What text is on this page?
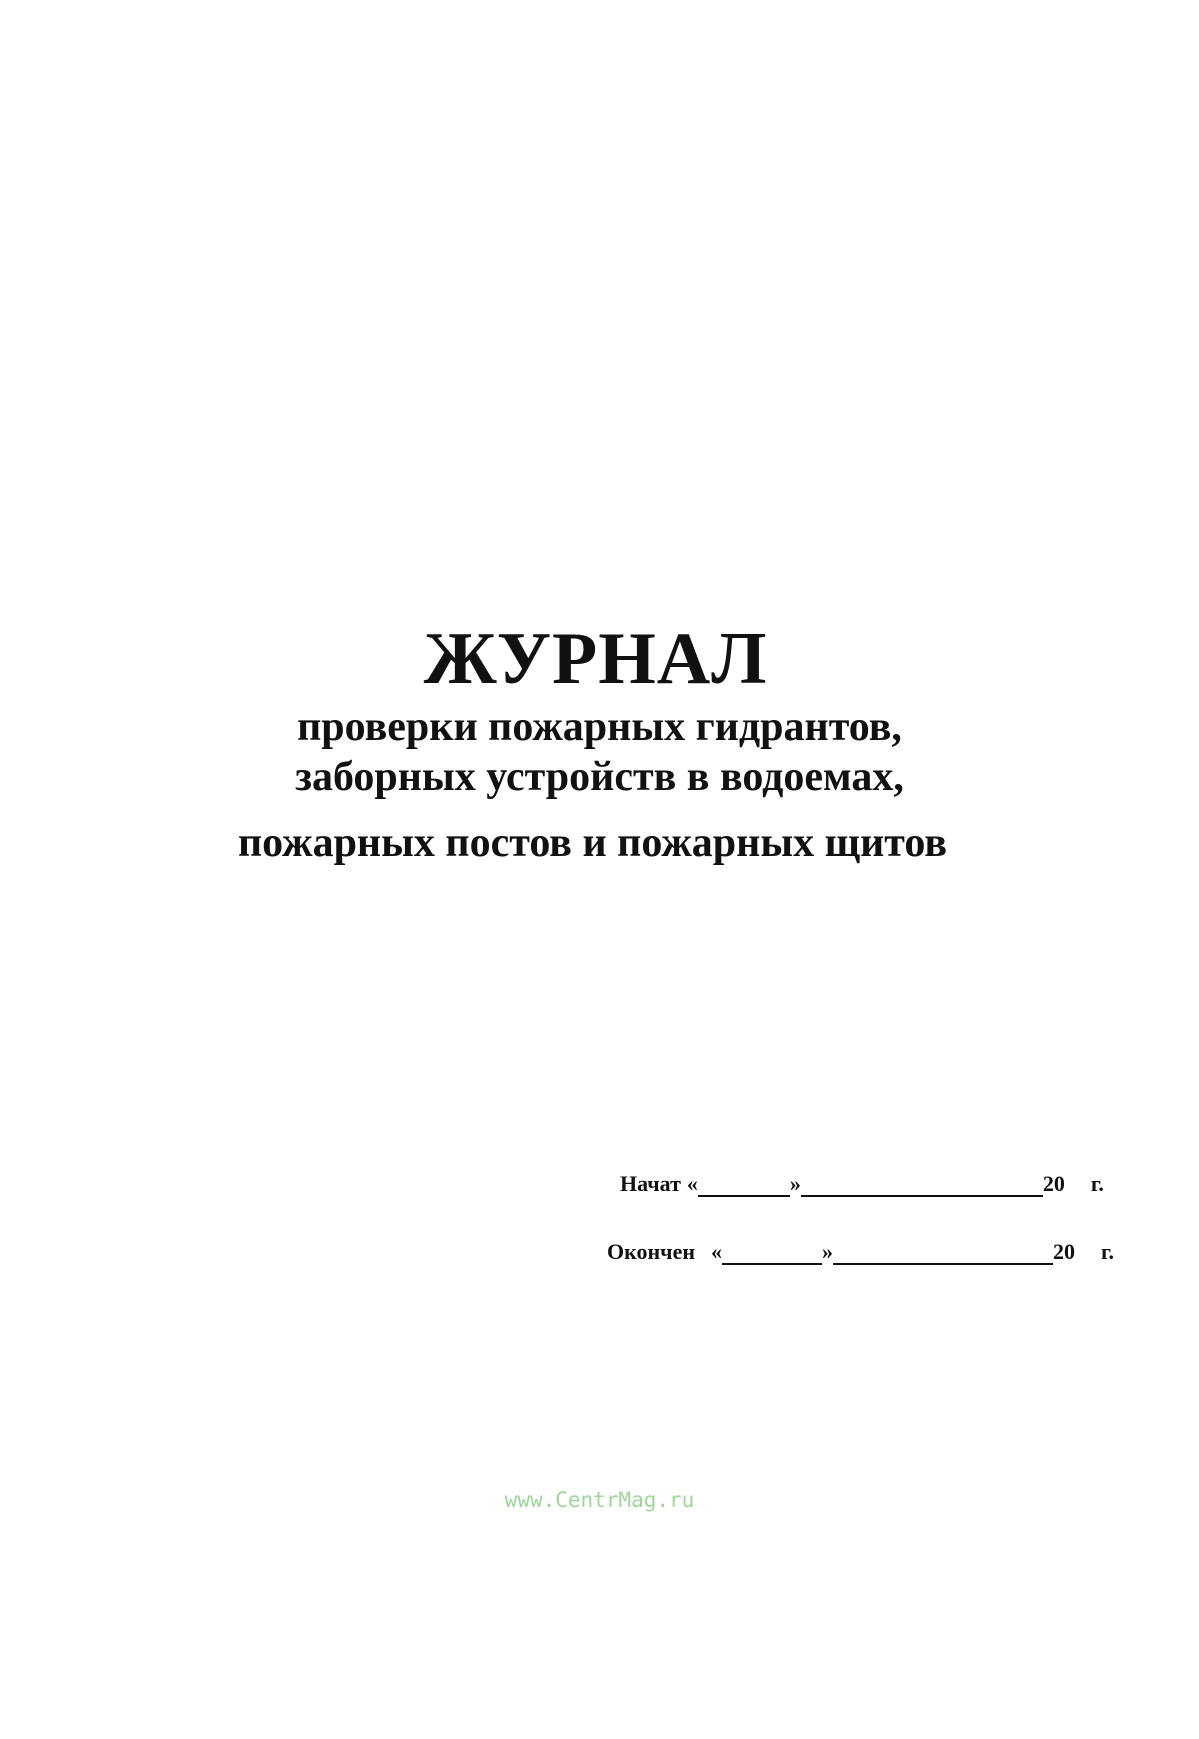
ЖУРНАЛ
проверки пожарных гидрантов,
заборных устройств в водоемах,
пожарных постов и пожарных щитов
Начат «	»	20 г.
Окончен «	»	20 г.
www.CentrMag.ru
